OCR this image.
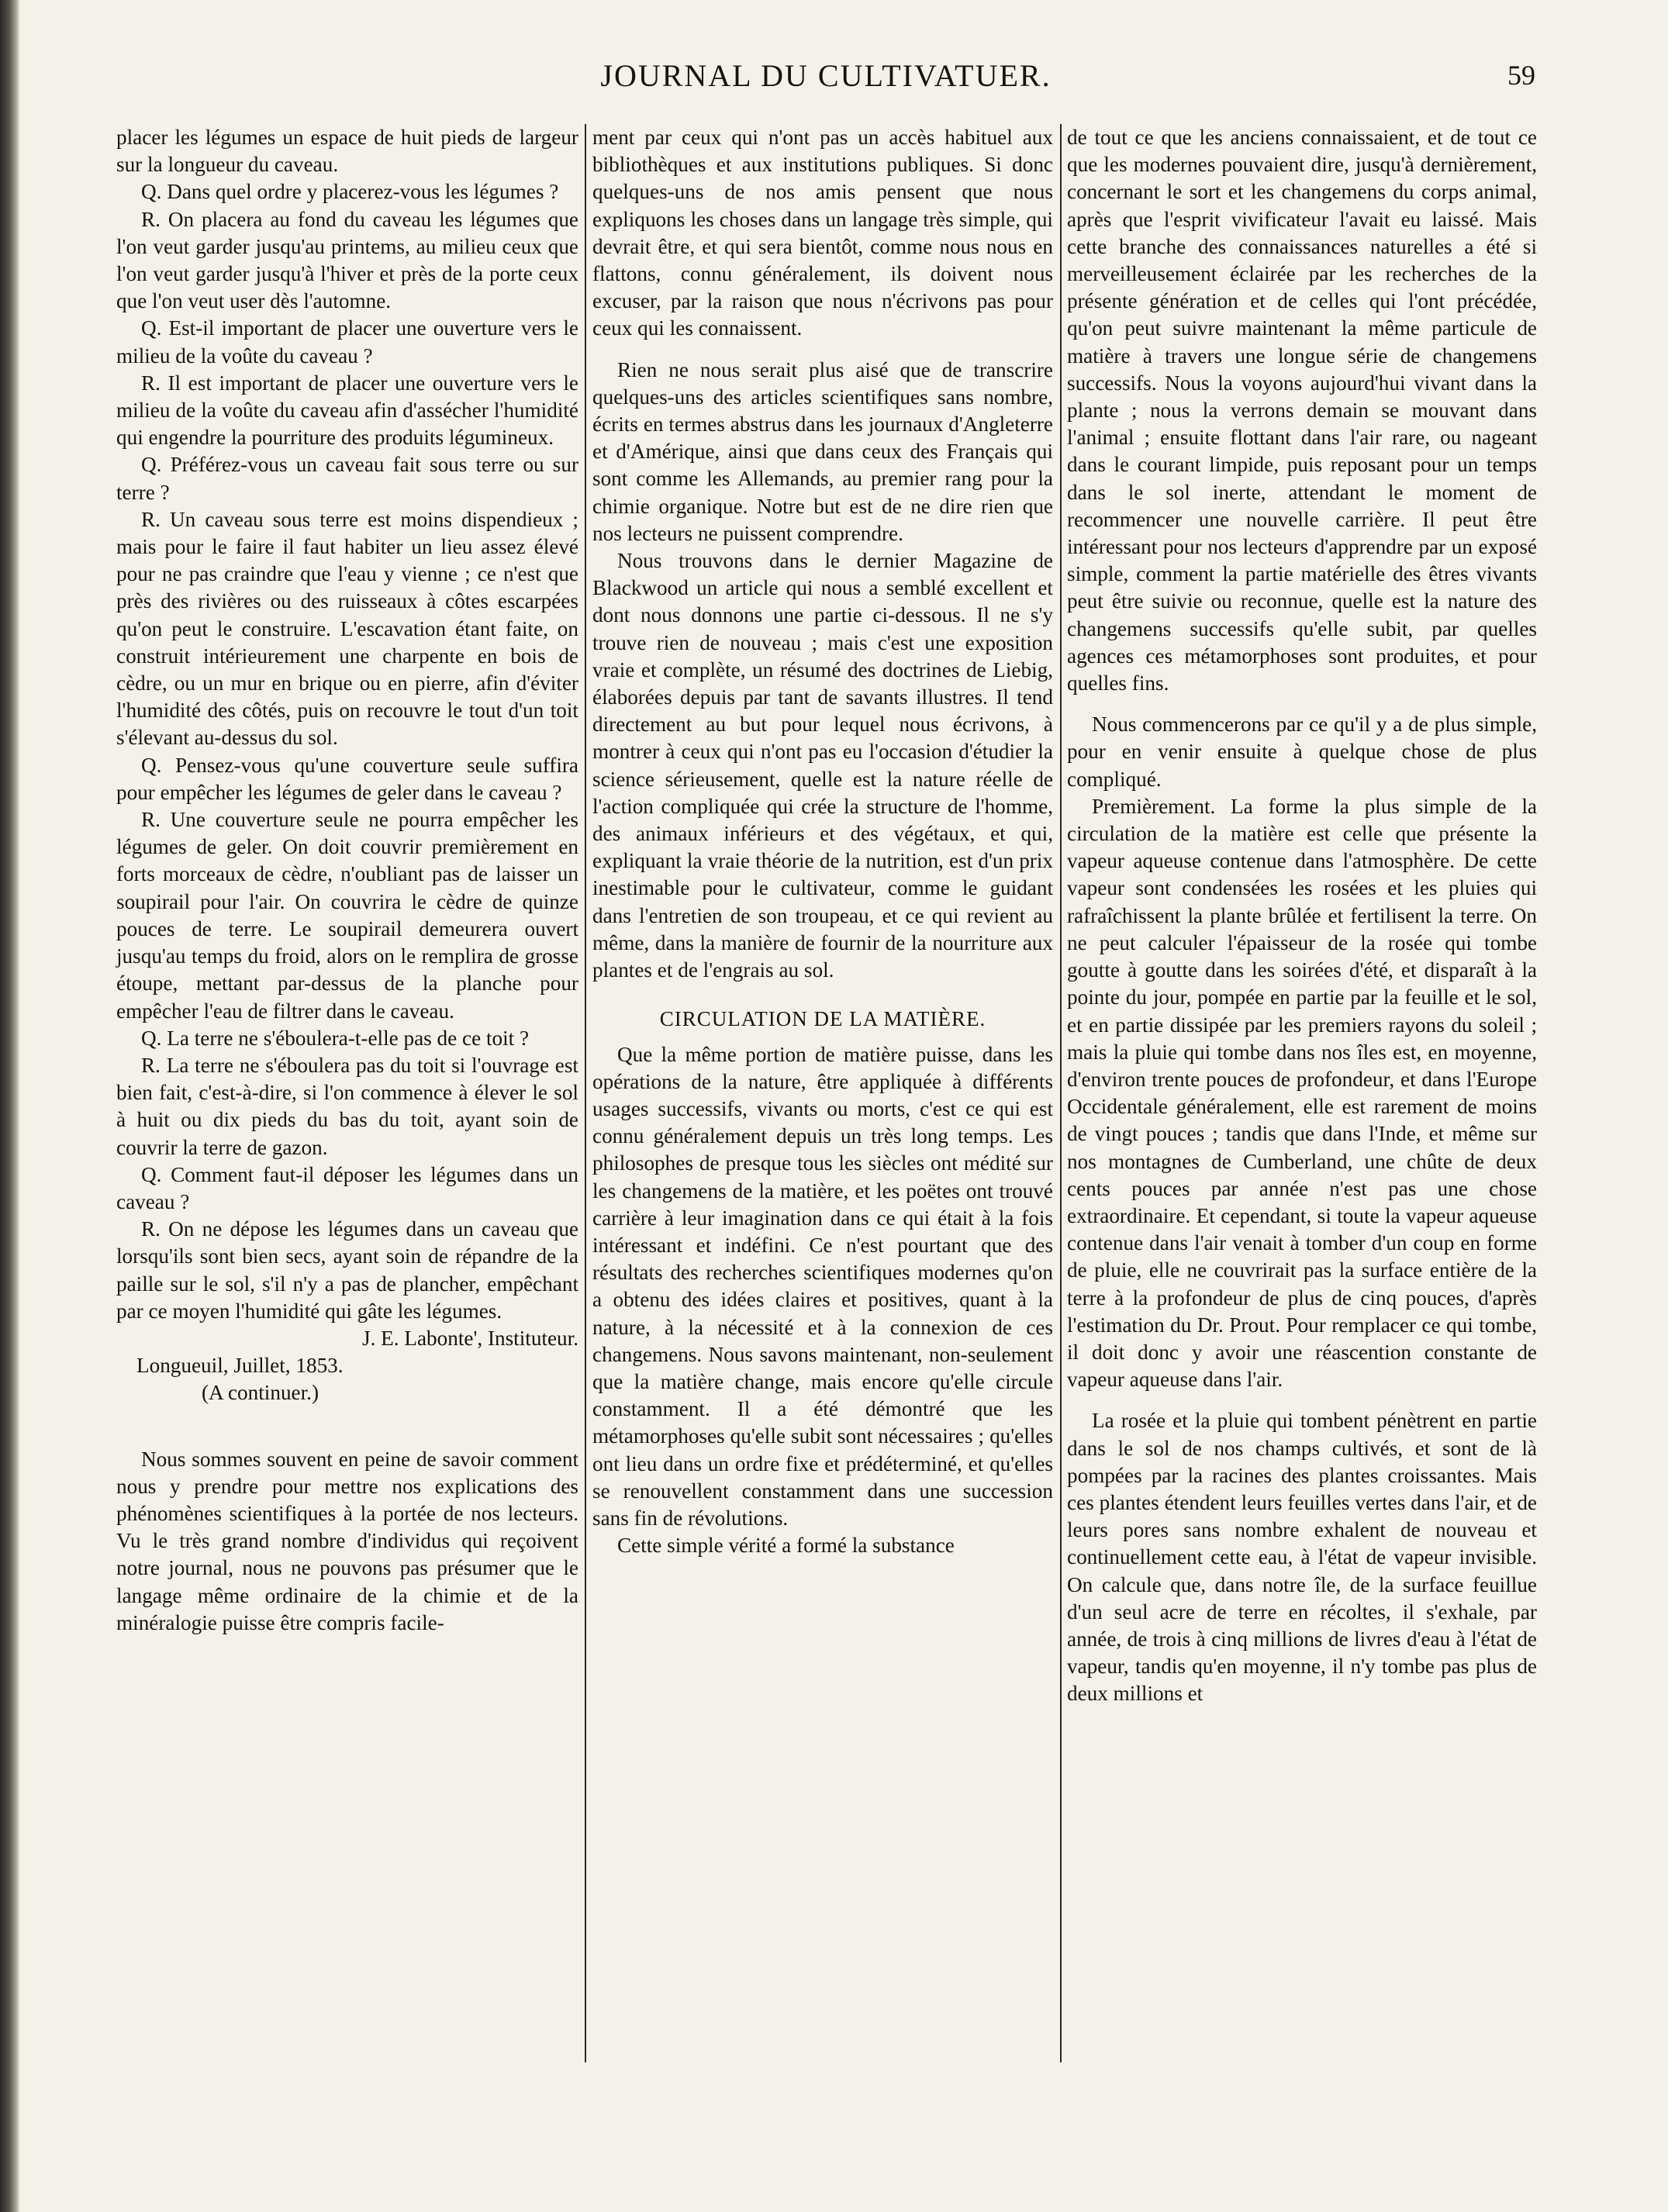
JOURNAL DU CULTIVATUER.	59

placer les légumes un espace de huit pieds de largeur sur la longueur du caveau.

Q. Dans quel ordre y placerez-vous les légumes ?

R. On placera au fond du caveau les légumes que l'on veut garder jusqu'au printems, au milieu ceux que l'on veut garder jusqu'à l'hiver et près de la porte ceux que l'on veut user dès l'automne.

Q. Est-il important de placer une ouverture vers le milieu de la voûte du caveau ?

R. Il est important de placer une ouverture vers le milieu de la voûte du caveau afin d'assécher l'humidité qui engendre la pourriture des produits légumineux.

Q. Préférez-vous un caveau fait sous terre ou sur terre ?

R. Un caveau sous terre est moins dispendieux ; mais pour le faire il faut habiter un lieu assez élevé pour ne pas craindre que l'eau y vienne ; ce n'est que près des rivières ou des ruisseaux à côtes escarpées qu'on peut le construire. L'escavation étant faite, on construit intérieurement une charpente en bois de cèdre, ou un mur en brique ou en pierre, afin d'éviter l'humidité des côtés, puis on recouvre le tout d'un toit s'élevant au-dessus du sol.

Q. Pensez-vous qu'une couverture seule suffira pour empêcher les légumes de geler dans le caveau ?

R. Une couverture seule ne pourra empêcher les légumes de geler. On doit couvrir premièrement en forts morceaux de cèdre, n'oubliant pas de laisser un soupirail pour l'air. On couvrira le cèdre de quinze pouces de terre. Le soupirail demeurera ouvert jusqu'au temps du froid, alors on le remplira de grosse étoupe, mettant par-dessus de la planche pour empêcher l'eau de filtrer dans le caveau.

Q. La terre ne s'éboulera-t-elle pas de ce toit ?

R. La terre ne s'éboulera pas du toit si l'ouvrage est bien fait, c'est-à-dire, si l'on commence à élever le sol à huit ou dix pieds du bas du toit, ayant soin de couvrir la terre de gazon.

Q. Comment faut-il déposer les légumes dans un caveau ?

R. On ne dépose les légumes dans un caveau que lorsqu'ils sont bien secs, ayant soin de répandre de la paille sur le sol, s'il n'y a pas de plancher, empêchant par ce moyen l'humidité qui gâte les légumes.

J. E. Labonte', Instituteur.

Longueuil, Juillet, 1853.

(A continuer.)

Nous sommes souvent en peine de savoir comment nous y prendre pour mettre nos explications des phénomènes scientifiques à la portée de nos lecteurs. Vu le très grand nombre d'individus qui reçoivent notre journal, nous ne pouvons pas présumer que le langage même ordinaire de la chimie et de la minéralogie puisse être compris facile-

ment par ceux qui n'ont pas un accès habituel aux bibliothèques et aux institutions publiques. Si donc quelques-uns de nos amis pensent que nous expliquons les choses dans un langage très simple, qui devrait être, et qui sera bientôt, comme nous nous en flattons, connu généralement, ils doivent nous excuser, par la raison que nous n'écrivons pas pour ceux qui les connaissent.

Rien ne nous serait plus aisé que de transcrire quelques-uns des articles scientifiques sans nombre, écrits en termes abstrus dans les journaux d'Angleterre et d'Amérique, ainsi que dans ceux des Français qui sont comme les Allemands, au premier rang pour la chimie organique. Notre but est de ne dire rien que nos lecteurs ne puissent comprendre.

Nous trouvons dans le dernier Magazine de Blackwood un article qui nous a semblé excellent et dont nous donnons une partie ci-dessous. Il ne s'y trouve rien de nouveau ; mais c'est une exposition vraie et complète, un résumé des doctrines de Liebig, élaborées depuis par tant de savants illustres. Il tend directement au but pour lequel nous écrivons, à montrer à ceux qui n'ont pas eu l'occasion d'étudier la science sérieusement, quelle est la nature réelle de l'action compliquée qui crée la structure de l'homme, des animaux inférieurs et des végétaux, et qui, expliquant la vraie théorie de la nutrition, est d'un prix inestimable pour le cultivateur, comme le guidant dans l'entretien de son troupeau, et ce qui revient au même, dans la manière de fournir de la nourriture aux plantes et de l'engrais au sol.

CIRCULATION DE LA MATIÈRE.

Que la même portion de matière puisse, dans les opérations de la nature, être appliquée à différents usages successifs, vivants ou morts, c'est ce qui est connu généralement depuis un très long temps. Les philosophes de presque tous les siècles ont médité sur les changemens de la matière, et les poëtes ont trouvé carrière à leur imagination dans ce qui était à la fois intéressant et indéfini. Ce n'est pourtant que des résultats des recherches scientifiques modernes qu'on a obtenu des idées claires et positives, quant à la nature, à la nécessité et à la connexion de ces changemens. Nous savons maintenant, non-seulement que la matière change, mais encore qu'elle circule constamment. Il a été démontré que les métamorphoses qu'elle subit sont nécessaires ; qu'elles ont lieu dans un ordre fixe et prédéterminé, et qu'elles se renouvellent constamment dans une succession sans fin de révolutions.

Cette simple vérité a formé la substance

de tout ce que les anciens connaissaient, et de tout ce que les modernes pouvaient dire, jusqu'à dernièrement, concernant le sort et les changemens du corps animal, après que l'esprit vivificateur l'avait eu laissé. Mais cette branche des connaissances naturelles a été si merveilleusement éclairée par les recherches de la présente génération et de celles qui l'ont précédée, qu'on peut suivre maintenant la même particule de matière à travers une longue série de changemens successifs. Nous la voyons aujourd'hui vivant dans la plante ; nous la verrons demain se mouvant dans l'animal ; ensuite flottant dans l'air rare, ou nageant dans le courant limpide, puis reposant pour un temps dans le sol inerte, attendant le moment de recommencer une nouvelle carrière. Il peut être intéressant pour nos lecteurs d'apprendre par un exposé simple, comment la partie matérielle des êtres vivants peut être suivie ou reconnue, quelle est la nature des changemens successifs qu'elle subit, par quelles agences ces métamorphoses sont produites, et pour quelles fins.

Nous commencerons par ce qu'il y a de plus simple, pour en venir ensuite à quelque chose de plus compliqué.

Premièrement. La forme la plus simple de la circulation de la matière est celle que présente la vapeur aqueuse contenue dans l'atmosphère. De cette vapeur sont condensées les rosées et les pluies qui rafraîchissent la plante brûlée et fertilisent la terre. On ne peut calculer l'épaisseur de la rosée qui tombe goutte à goutte dans les soirées d'été, et disparaît à la pointe du jour, pompée en partie par la feuille et le sol, et en partie dissipée par les premiers rayons du soleil ; mais la pluie qui tombe dans nos îles est, en moyenne, d'environ trente pouces de profondeur, et dans l'Europe Occidentale généralement, elle est rarement de moins de vingt pouces ; tandis que dans l'Inde, et même sur nos montagnes de Cumberland, une chûte de deux cents pouces par année n'est pas une chose extraordinaire. Et cependant, si toute la vapeur aqueuse contenue dans l'air venait à tomber d'un coup en forme de pluie, elle ne couvrirait pas la surface entière de la terre à la profondeur de plus de cinq pouces, d'après l'estimation du Dr. Prout. Pour remplacer ce qui tombe, il doit donc y avoir une réascention constante de vapeur aqueuse dans l'air.

La rosée et la pluie qui tombent pénètrent en partie dans le sol de nos champs cultivés, et sont de là pompées par la racines des plantes croissantes. Mais ces plantes étendent leurs feuilles vertes dans l'air, et de leurs pores sans nombre exhalent de nouveau et continuellement cette eau, à l'état de vapeur invisible. On calcule que, dans notre île, de la surface feuillue d'un seul acre de terre en récoltes, il s'exhale, par année, de trois à cinq millions de livres d'eau à l'état de vapeur, tandis qu'en moyenne, il n'y tombe pas plus de deux millions et
